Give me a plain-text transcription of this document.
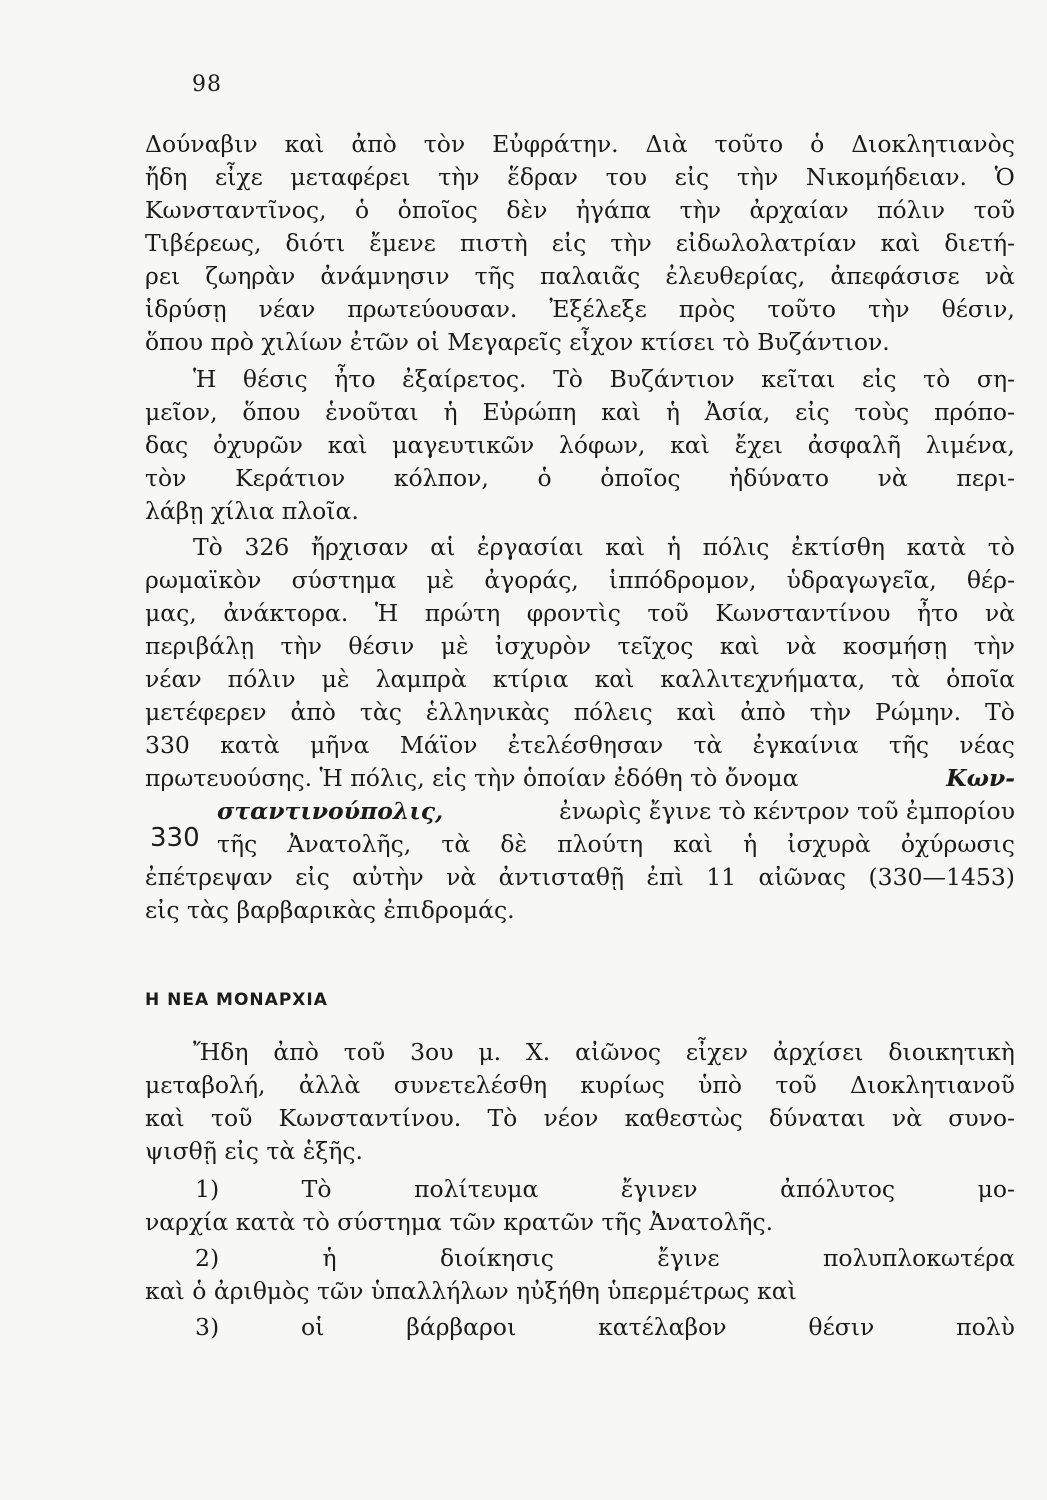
98
Δούναβιν καὶ ἀπὸ τὸν Εὐφράτην. Διὰ τοῦτο ὁ Διοκλητιανὸς
ἤδη εἶχε μεταφέρει τὴν ἕδραν του εἰς τὴν Νικομήδειαν. Ὁ
Κωνσταντῖνος, ὁ ὁποῖος δὲν ἠγάπα τὴν ἀρχαίαν πόλιν τοῦ
Τιβέρεως, διότι ἔμενε πιστὴ εἰς τὴν εἰδωλολατρίαν καὶ διετή-
ρει ζωηρὰν ἀνάμνησιν τῆς παλαιᾶς ἐλευθερίας, ἀπεφάσισε νὰ
ἱδρύσῃ νέαν πρωτεύουσαν. Ἐξέλεξε πρὸς τοῦτο τὴν θέσιν,
ὅπου πρὸ χιλίων ἐτῶν οἱ Μεγαρεῖς εἶχον κτίσει τὸ Βυζάντιον.
Ἡ θέσις ἦτο ἐξαίρετος. Τὸ Βυζάντιον κεῖται εἰς τὸ ση-
μεῖον, ὅπου ἑνοῦται ἡ Εὐρώπη καὶ ἡ Ἀσία, εἰς τοὺς πρόπο-
δας ὀχυρῶν καὶ μαγευτικῶν λόφων, καὶ ἔχει ἀσφαλῆ λιμένα,
τὸν Κεράτιον κόλπον, ὁ ὁποῖος ἠδύνατο νὰ περι-
λάβῃ χίλια πλοῖα.
Τὸ 326 ἤρχισαν αἱ ἐργασίαι καὶ ἡ πόλις ἐκτίσθη κατὰ τὸ
ρωμαϊκὸν σύστημα μὲ ἀγοράς, ἱππόδρομον, ὑδραγωγεῖα, θέρ-
μας, ἀνάκτορα. Ἡ πρώτη φροντὶς τοῦ Κωνσταντίνου ἦτο νὰ
περιβάλῃ τὴν θέσιν μὲ ἰσχυρὸν τεῖχος καὶ νὰ κοσμήσῃ τὴν
νέαν πόλιν μὲ λαμπρὰ κτίρια καὶ καλλιτεχνήματα, τὰ ὁποῖα
μετέφερεν ἀπὸ τὰς ἑλληνικὰς πόλεις καὶ ἀπὸ τὴν Ρώμην. Τὸ
330 κατὰ μῆνα Μάϊον ἐτελέσθησαν τὰ ἐγκαίνια τῆς νέας
πρωτευούσης. Ἡ πόλις, εἰς τὴν ὁποίαν ἐδόθη τὸ ὄνομα	Κων-
σταντινούπολις,	ἐνωρὶς ἔγινε τὸ κέντρον τοῦ ἐμπορίου
τῆς Ἀνατολῆς, τὰ δὲ πλούτη καὶ ἡ ἰσχυρὰ ὀχύρωσις
ἐπέτρεψαν εἰς αὐτὴν νὰ ἀντισταθῇ ἐπὶ 11 αἰῶνας (330—1453)
εἰς τὰς βαρβαρικὰς ἐπιδρομάς.
330
Η ΝΕΑ ΜΟΝΑΡΧΙΑ
Ἤδη ἀπὸ τοῦ 3ου μ. Χ. αἰῶνος εἶχεν ἀρχίσει διοικητικὴ
μεταβολή, ἀλλὰ συνετελέσθη κυρίως ὑπὸ τοῦ Διοκλητιανοῦ
καὶ τοῦ Κωνσταντίνου. Τὸ νέον καθεστὼς δύναται νὰ συνο-
ψισθῇ εἰς τὰ ἑξῆς.
1)	Τὸ	πολίτευμα	ἔγινεν	ἀπόλυτος	μο-
ναρχία κατὰ τὸ σύστημα τῶν κρατῶν τῆς Ἀνατολῆς.
2)	ἡ	διοίκησις	ἔγινε	πολυπλοκωτέρα
καὶ ὁ ἀριθμὸς τῶν ὑπαλλήλων ηὐξήθη ὑπερμέτρως καὶ
3)	οἱ	βάρβαροι	κατέλαβον	θέσιν	πολὺ
